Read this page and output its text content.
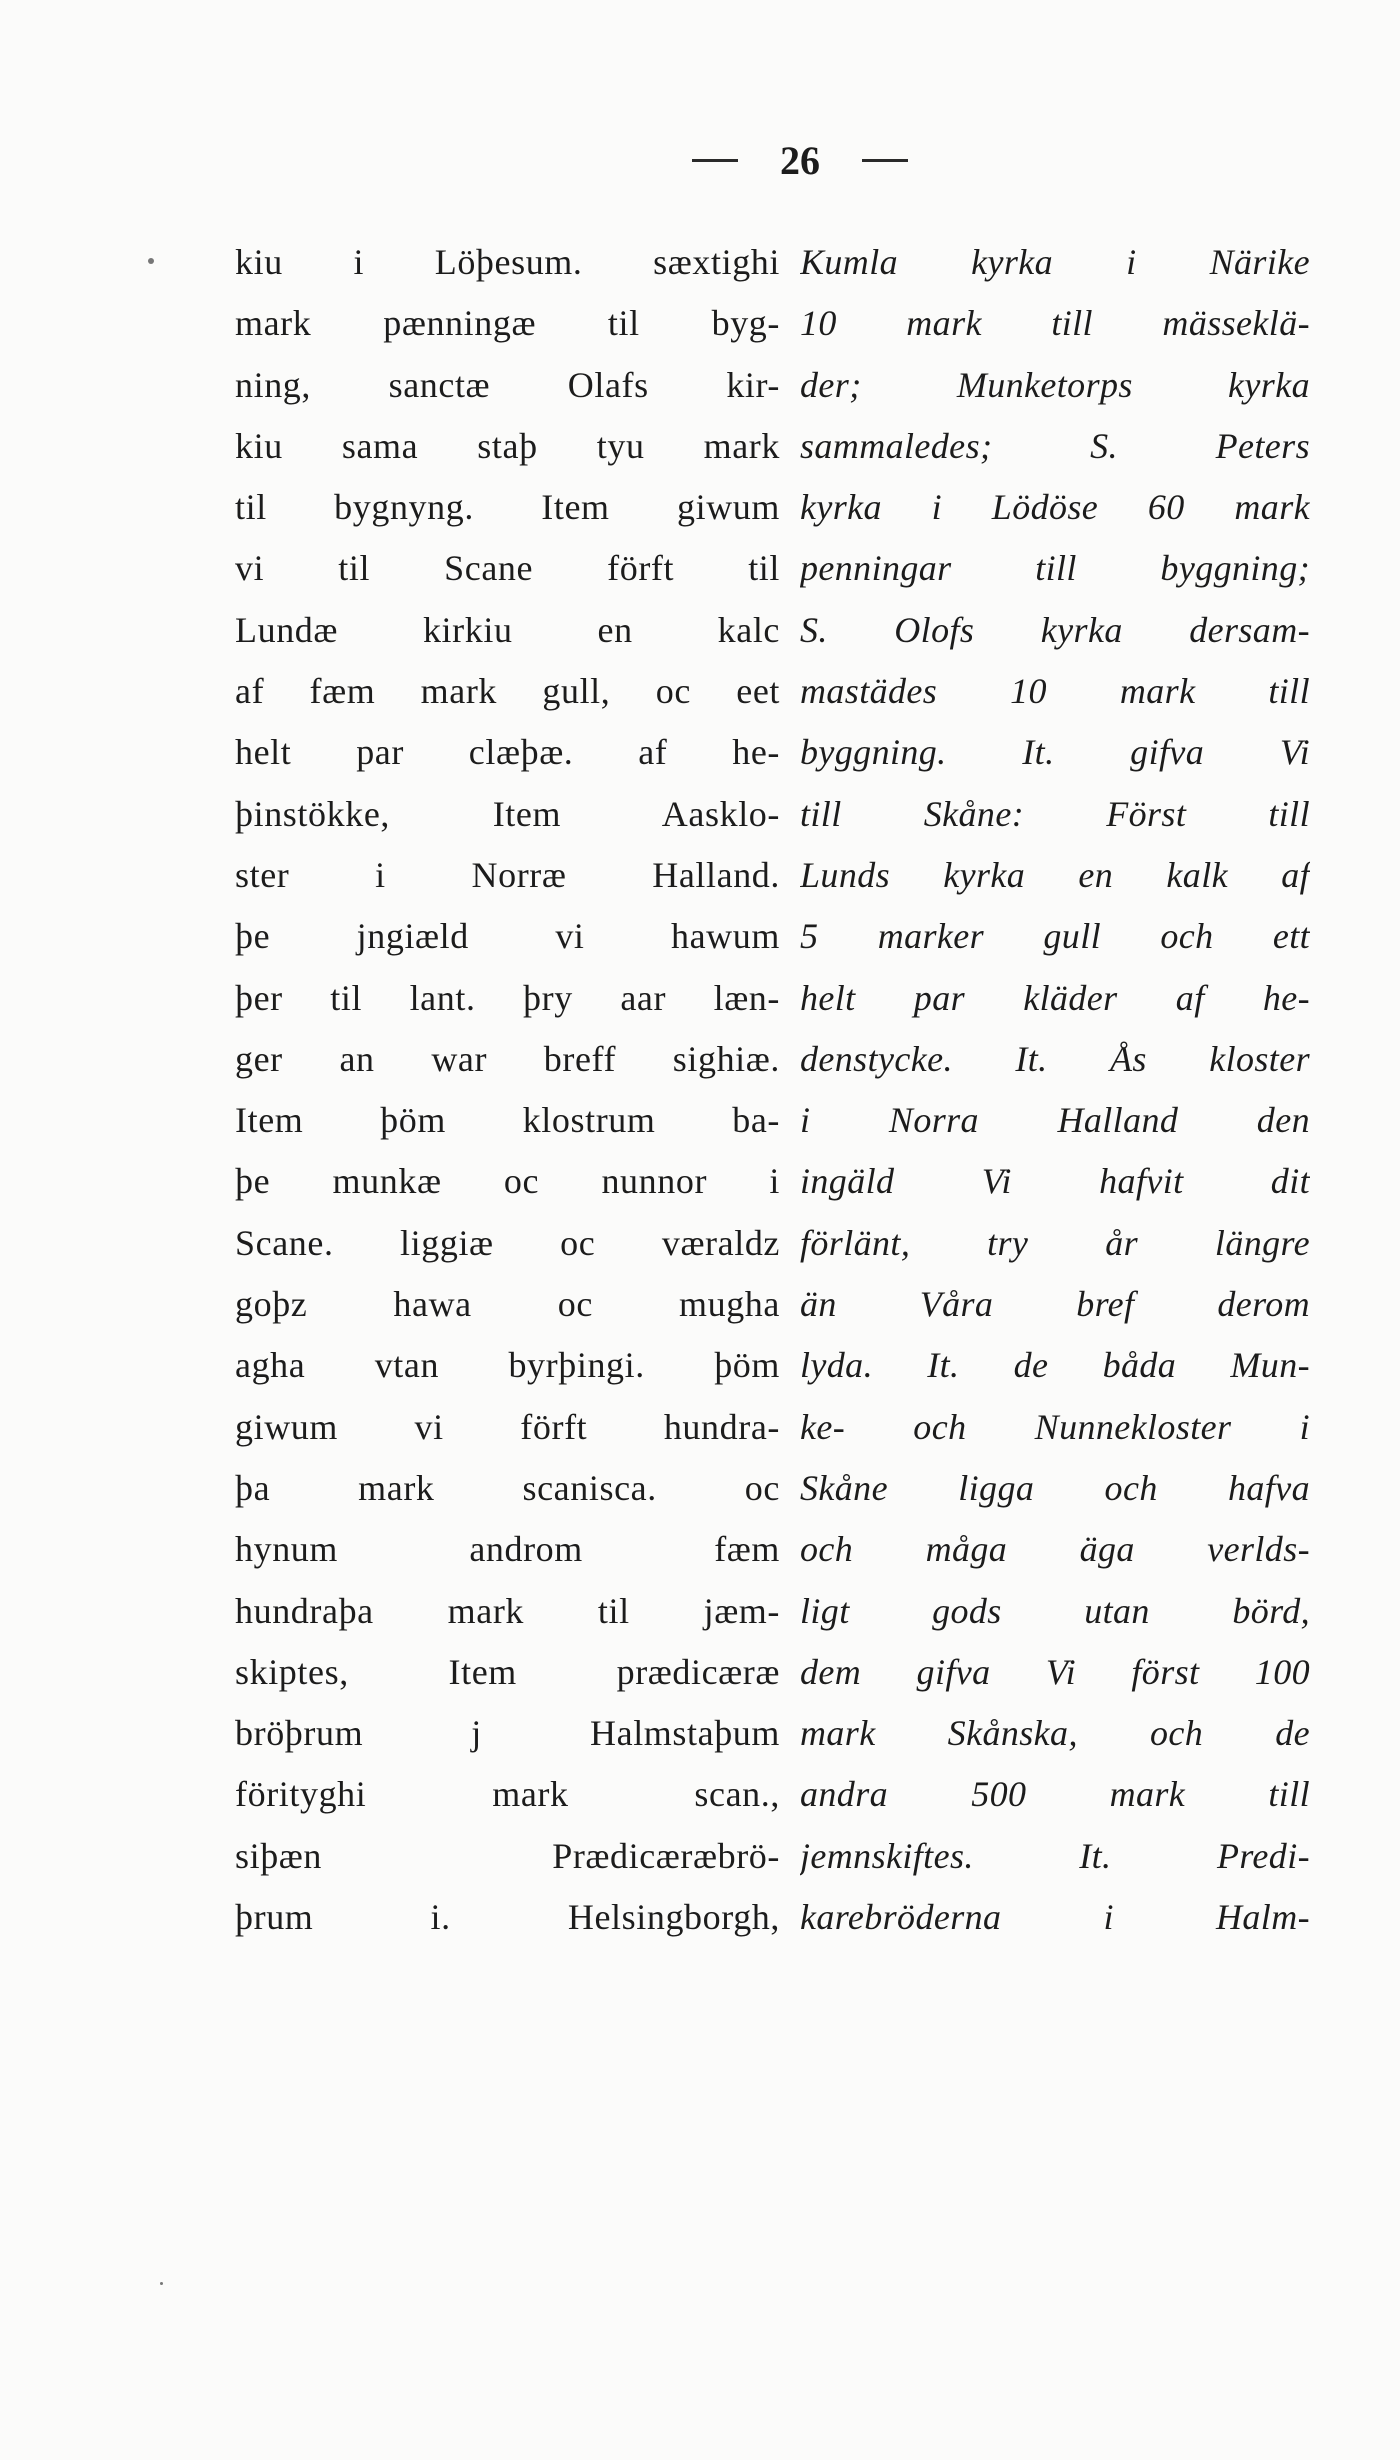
26
kiu i Löþesum. sæxtighi
mark pænningæ til byg-
ning, sanctæ Olafs kir-
kiu sama staþ tyu mark
til bygnyng. Item giwum
vi til Scane förft til
Lundæ kirkiu en kalc
af fæm mark gull, oc eet
helt par clæþæ. af he-
þinstökke, Item Aasklo-
ster i Norræ Halland.
þe jngiæld vi hawum
þer til lant. þry aar læn-
ger an war breff sighiæ.
Item þöm klostrum ba-
þe munkæ oc nunnor i
Scane. liggiæ oc væraldz
goþz hawa oc mugha
agha vtan byrþingi. þöm
giwum vi förft hundra-
þa mark scanisca. oc
hynum androm fæm
hundraþa mark til jæm-
skiptes, Item prædicæræ
bröþrum j Halmstaþum
förityghi mark scan.,
siþæn Prædicæræbrö-
þrum i. Helsingborgh,
Kumla kyrka i Närike
10 mark till mässeklä-
der; Munketorps kyrka
sammaledes; S. Peters
kyrka i Lödöse 60 mark
penningar till byggning;
S. Olofs kyrka dersam-
mastädes 10 mark till
byggning. It. gifva Vi
till Skåne: Först till
Lunds kyrka en kalk af
5 marker gull och ett
helt par kläder af he-
denstycke. It. Ås kloster
i Norra Halland den
ingäld Vi hafvit dit
förlänt, try år längre
än Våra bref derom
lyda. It. de båda Mun-
ke- och Nunnekloster i
Skåne ligga och hafva
och måga äga verlds-
ligt gods utan börd,
dem gifva Vi först 100
mark Skånska, och de
andra 500 mark till
jemnskiftes. It. Predi-
karebröderna i Halm-
